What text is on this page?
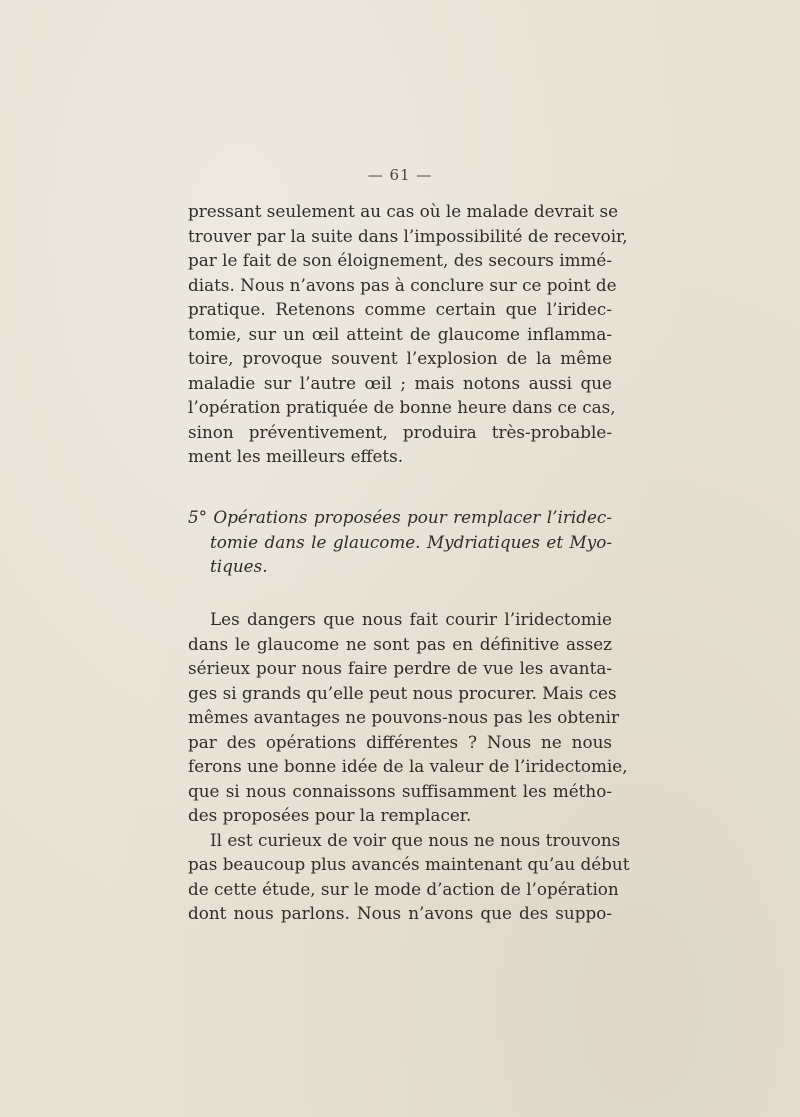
— 61 —
pressant seulement au cas où le malade devrait se
trouver par la suite dans l’impossibilité de recevoir,
par le fait de son éloignement, des secours immé-
diats. Nous n’avons pas à conclure sur ce point de
pratique. Retenons comme certain que l’iridec-
tomie, sur un œil atteint de glaucome inflamma-
toire, provoque souvent l’explosion de la même
maladie sur l’autre œil ; mais notons aussi que
l’opération pratiquée de bonne heure dans ce cas,
sinon préventivement, produira très-probable-
ment les meilleurs effets.
5° Opérations proposées pour remplacer l’iridec-
tomie dans le glaucome. Mydriatiques et Myo-
tiques.
Les dangers que nous fait courir l’iridectomie
dans le glaucome ne sont pas en définitive assez
sérieux pour nous faire perdre de vue les avanta-
ges si grands qu’elle peut nous procurer. Mais ces
mêmes avantages ne pouvons-nous pas les obtenir
par des opérations différentes ? Nous ne nous
ferons une bonne idée de la valeur de l’iridectomie,
que si nous connaissons suffisamment les métho-
des proposées pour la remplacer.
Il est curieux de voir que nous ne nous trouvons
pas beaucoup plus avancés maintenant qu’au début
de cette étude, sur le mode d’action de l’opération
dont nous parlons. Nous n’avons que des suppo-
